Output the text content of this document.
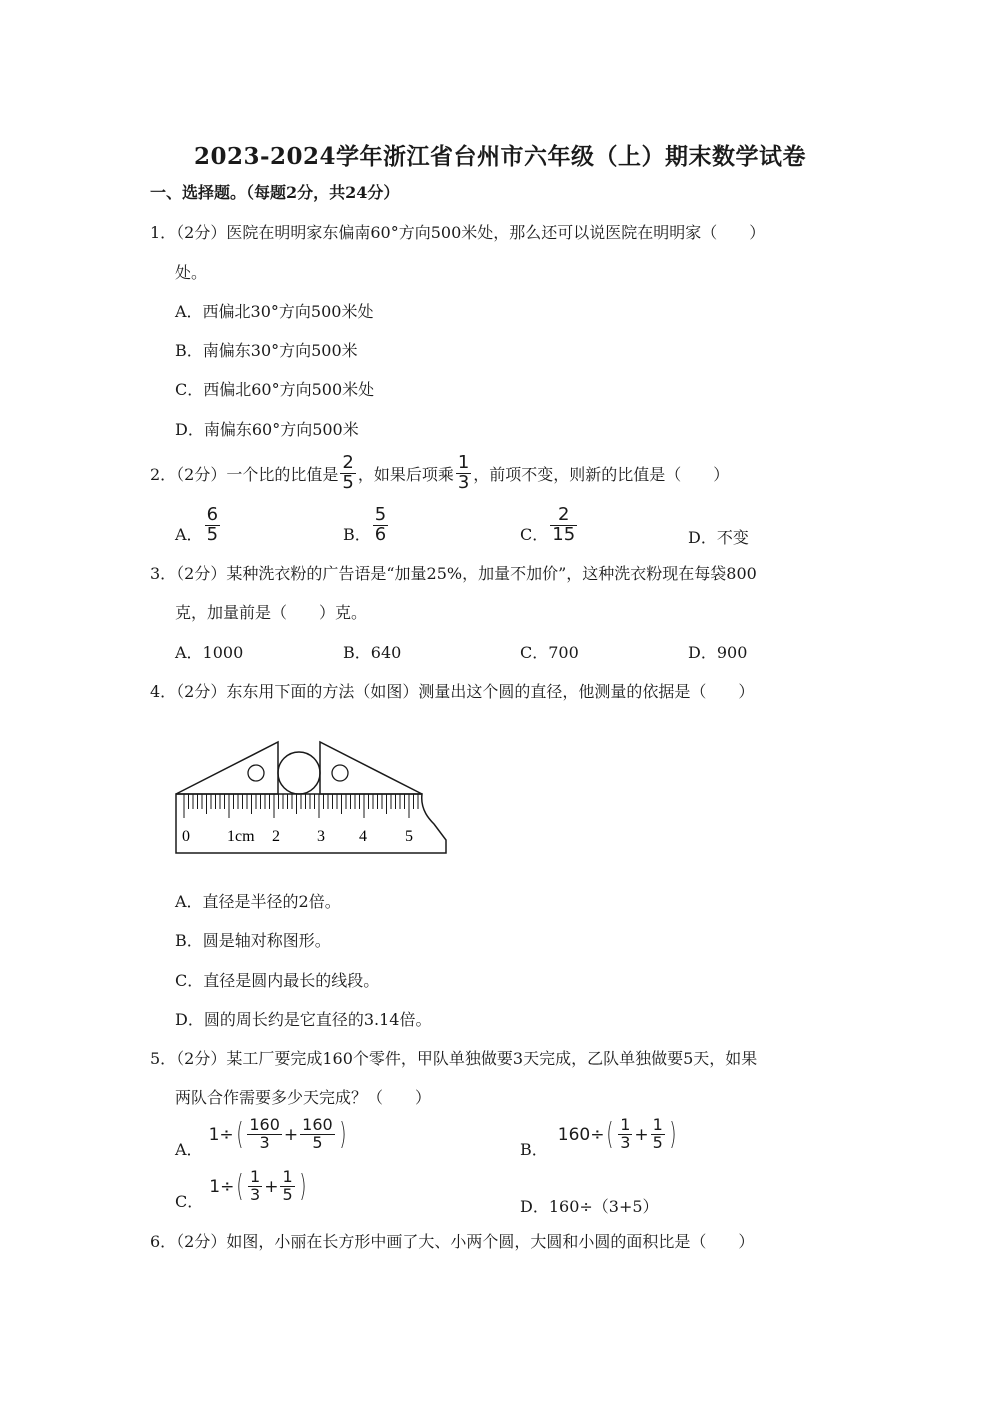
2023-2024学年浙江省台州市六年级（上）期末数学试卷
一、选择题。（每题2分，共24分）
1．（2分）医院在明明家东偏南60°方向500米处，那么还可以说医院在明明家（　　）
处。
A．西偏北30°方向500米处
B．南偏东30°方向500米
C．西偏北60°方向500米处
D．南偏东60°方向500米
2．（2分）一个比的比值是 $\frac{2}{5}$ ，如果后项乘 $\frac{1}{3}$ ，前项不变，则新的比值是（　　）
A． $\frac{6}{5}$	B． $\frac{5}{6}$	C． $\frac{2}{15}$	D．不变
3．（2分）某种洗衣粉的广告语是“加量25%，加量不加价”，这种洗衣粉现在每袋800
克，加量前是（　　）克。
A．1000	B．640	C．700	D．900
4．（2分）东东用下面的方法（如图）测量出这个圆的直径，他测量的依据是（　　）
0 1cm 2 3 4 5
A．直径是半径的2倍。
B．圆是轴对称图形。
C．直径是圆内最长的线段。
D．圆的周长约是它直径的3.14倍。
5．（2分）某工厂要完成160个零件，甲队单独做要3天完成，乙队单独做要5天，如果
两队合作需要多少天完成？（　　）
A．
1÷ ( $\frac{160}{3} + \frac{160}{5}$ )	B．
160÷ ( $\frac{1}{3} + \frac{1}{5}$ )
C．
1÷ ( $\frac{1}{3} + \frac{1}{5}$ )
D．160÷（3+5）
6．（2分）如图，小丽在长方形中画了大、小两个圆，大圆和小圆的面积比是（　　）
